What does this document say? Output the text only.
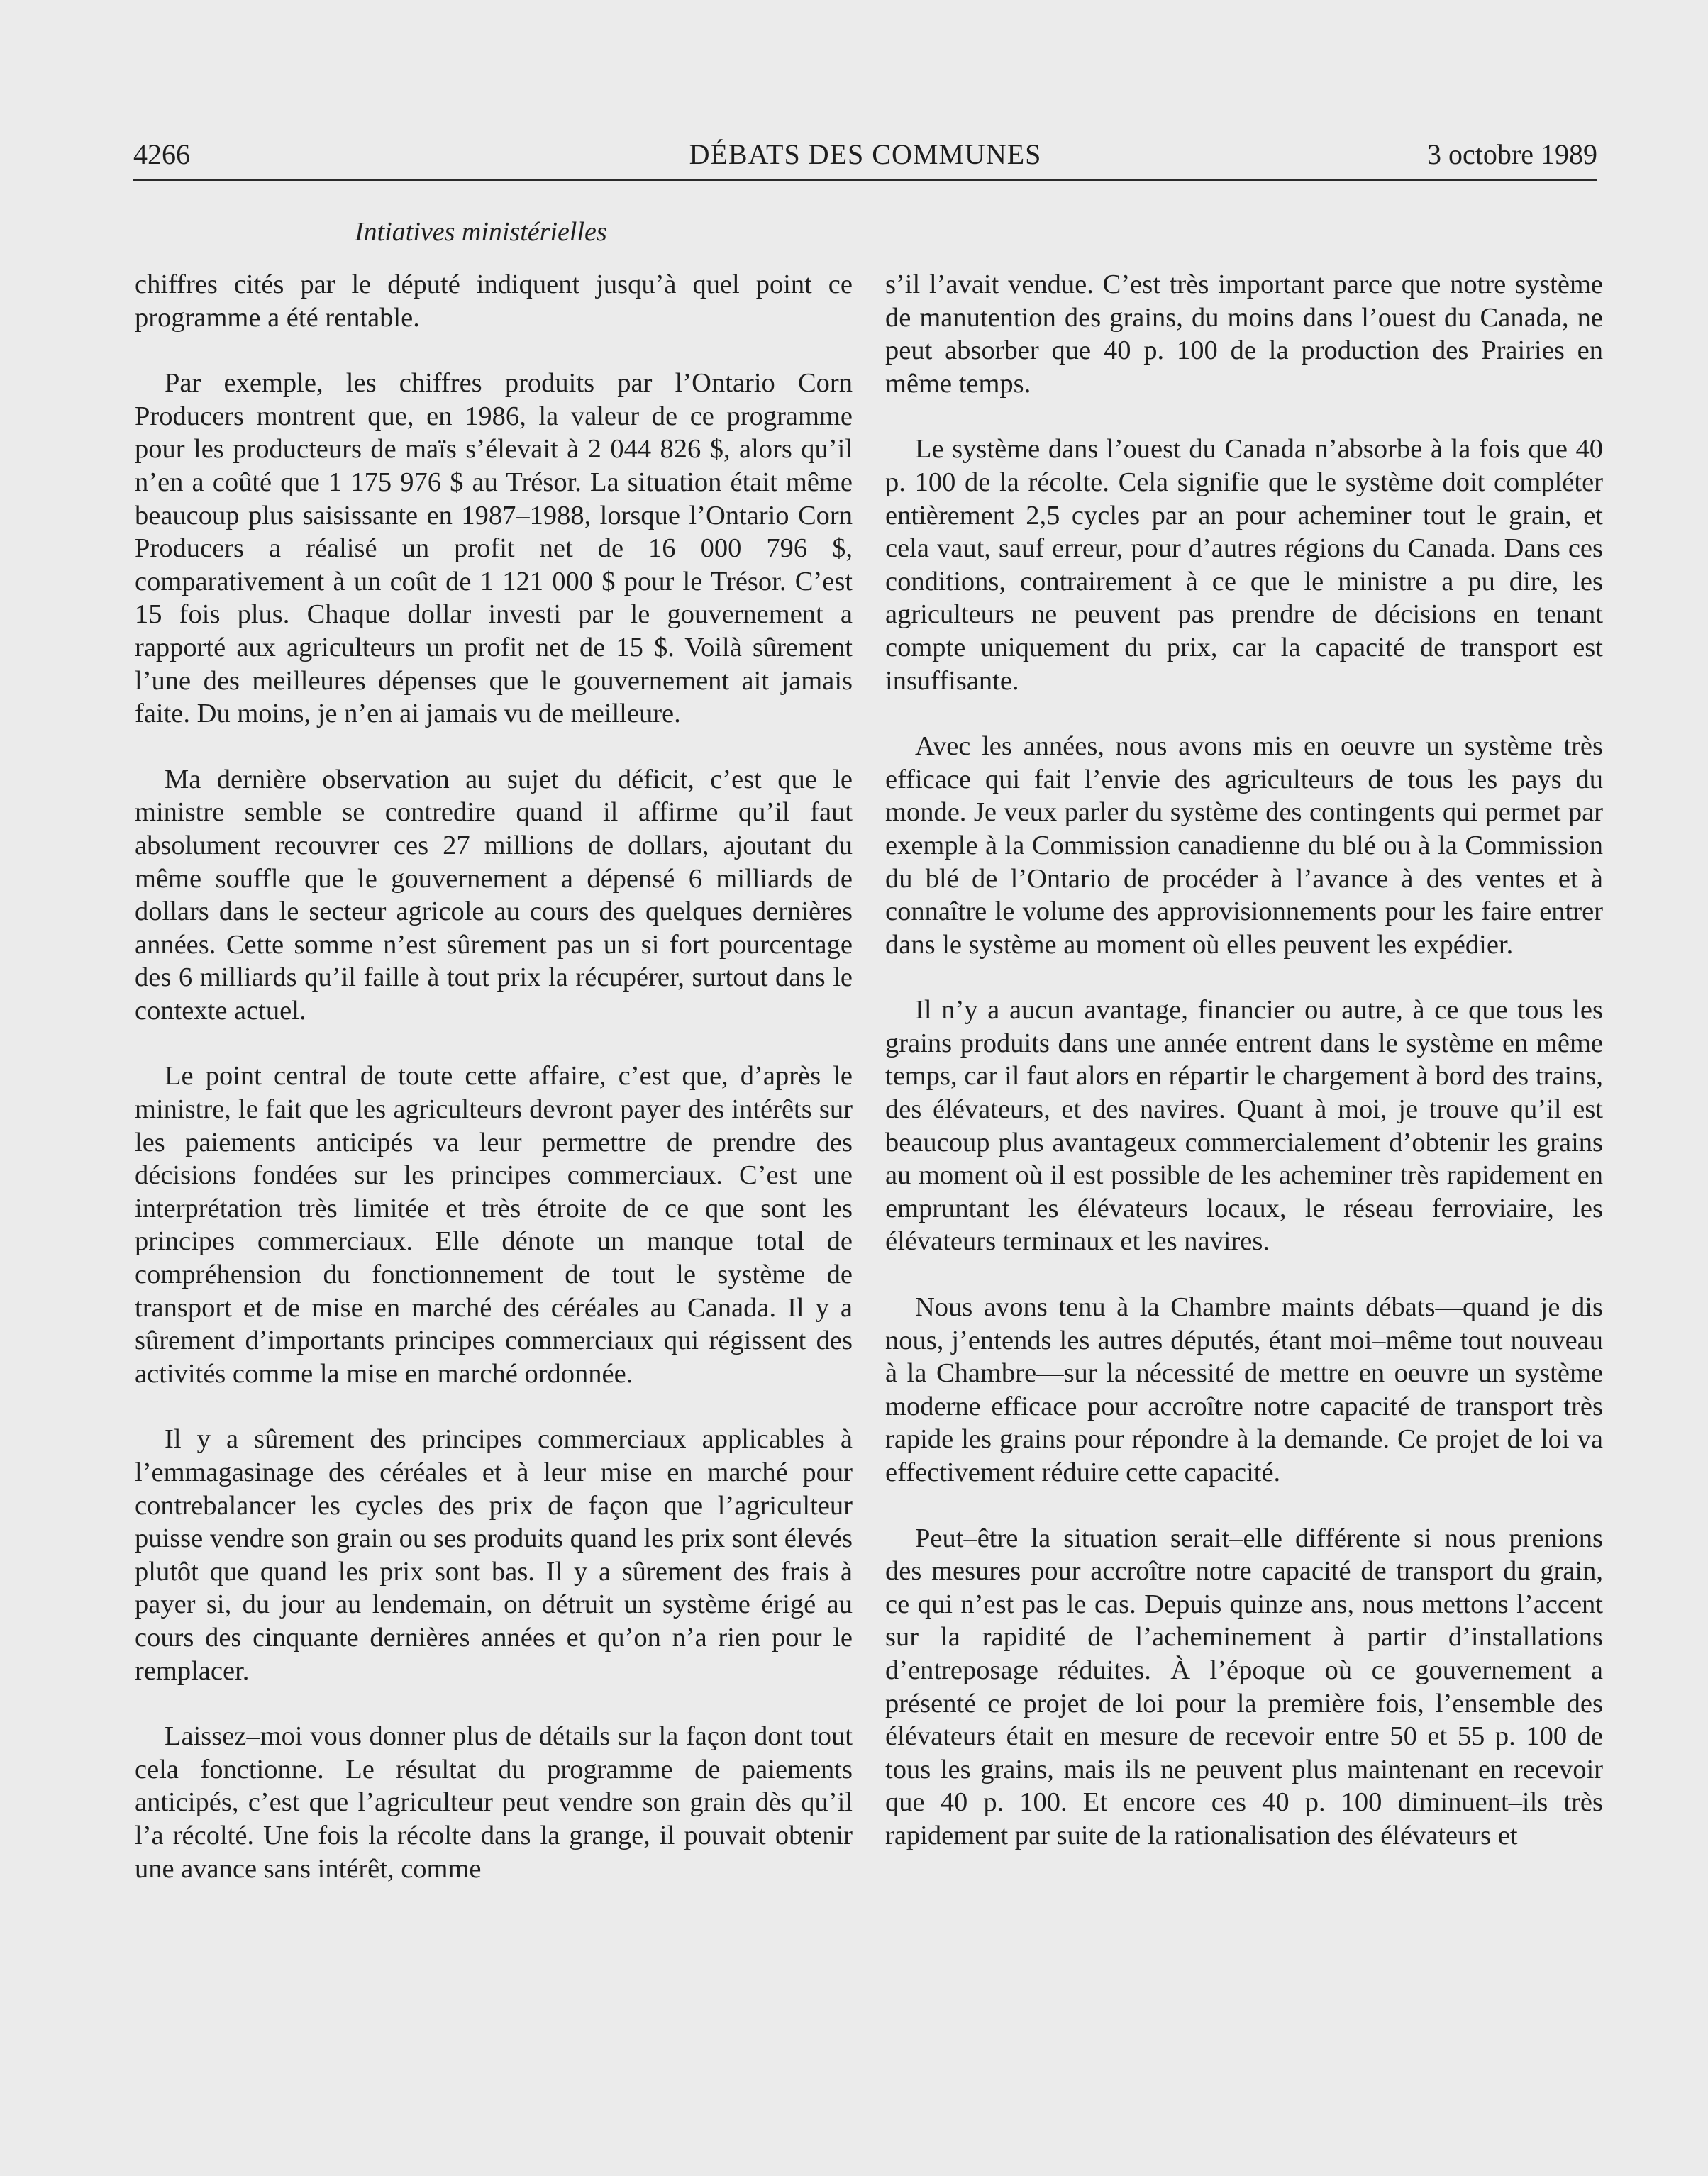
4266	DÉBATS DES COMMUNES	3 octobre 1989
Intiatives ministérielles

chiffres cités par le député indiquent jusqu’à quel point ce programme a été rentable.

Par exemple, les chiffres produits par l’Ontario Corn Producers montrent que, en 1986, la valeur de ce programme pour les producteurs de maïs s’élevait à 2 044 826 $, alors qu’il n’en a coûté que 1 175 976 $ au Trésor. La situation était même beaucoup plus saisissante en 1987–1988, lorsque l’Ontario Corn Producers a réalisé un profit net de 16 000 796 $, comparativement à un coût de 1 121 000 $ pour le Trésor. C’est 15 fois plus. Chaque dollar investi par le gouvernement a rapporté aux agriculteurs un profit net de 15 $. Voilà sûrement l’une des meilleures dépenses que le gouvernement ait jamais faite. Du moins, je n’en ai jamais vu de meilleure.

Ma dernière observation au sujet du déficit, c’est que le ministre semble se contredire quand il affirme qu’il faut absolument recouvrer ces 27 millions de dollars, ajoutant du même souffle que le gouvernement a dépensé 6 milliards de dollars dans le secteur agricole au cours des quelques dernières années. Cette somme n’est sûrement pas un si fort pourcentage des 6 milliards qu’il faille à tout prix la récupérer, surtout dans le contexte actuel.

Le point central de toute cette affaire, c’est que, d’après le ministre, le fait que les agriculteurs devront payer des intérêts sur les paiements anticipés va leur permettre de prendre des décisions fondées sur les principes commerciaux. C’est une interprétation très limitée et très étroite de ce que sont les principes commerciaux. Elle dénote un manque total de compréhension du fonctionnement de tout le système de transport et de mise en marché des céréales au Canada. Il y a sûrement d’importants principes commerciaux qui régissent des activités comme la mise en marché ordonnée.

Il y a sûrement des principes commerciaux applicables à l’emmagasinage des céréales et à leur mise en marché pour contrebalancer les cycles des prix de façon que l’agriculteur puisse vendre son grain ou ses produits quand les prix sont élevés plutôt que quand les prix sont bas. Il y a sûrement des frais à payer si, du jour au lendemain, on détruit un système érigé au cours des cinquante dernières années et qu’on n’a rien pour le remplacer.

Laissez–moi vous donner plus de détails sur la façon dont tout cela fonctionne. Le résultat du programme de paiements anticipés, c’est que l’agriculteur peut vendre son grain dès qu’il l’a récolté. Une fois la récolte dans la grange, il pouvait obtenir une avance sans intérêt, comme

s’il l’avait vendue. C’est très important parce que notre système de manutention des grains, du moins dans l’ouest du Canada, ne peut absorber que 40 p. 100 de la production des Prairies en même temps.

Le système dans l’ouest du Canada n’absorbe à la fois que 40 p. 100 de la récolte. Cela signifie que le système doit compléter entièrement 2,5 cycles par an pour acheminer tout le grain, et cela vaut, sauf erreur, pour d’autres régions du Canada. Dans ces conditions, contrairement à ce que le ministre a pu dire, les agriculteurs ne peuvent pas prendre de décisions en tenant compte uniquement du prix, car la capacité de transport est insuffisante.

Avec les années, nous avons mis en oeuvre un système très efficace qui fait l’envie des agriculteurs de tous les pays du monde. Je veux parler du système des contingents qui permet par exemple à la Commission canadienne du blé ou à la Commission du blé de l’Ontario de procéder à l’avance à des ventes et à connaître le volume des approvisionnements pour les faire entrer dans le système au moment où elles peuvent les expédier.

Il n’y a aucun avantage, financier ou autre, à ce que tous les grains produits dans une année entrent dans le système en même temps, car il faut alors en répartir le chargement à bord des trains, des élévateurs, et des navires. Quant à moi, je trouve qu’il est beaucoup plus avantageux commercialement d’obtenir les grains au moment où il est possible de les acheminer très rapidement en empruntant les élévateurs locaux, le réseau ferroviaire, les élévateurs terminaux et les navires.

Nous avons tenu à la Chambre maints débats—quand je dis nous, j’entends les autres députés, étant moi–même tout nouveau à la Chambre—sur la nécessité de mettre en oeuvre un système moderne efficace pour accroître notre capacité de transport très rapide les grains pour répondre à la demande. Ce projet de loi va effectivement réduire cette capacité.

Peut–être la situation serait–elle différente si nous prenions des mesures pour accroître notre capacité de transport du grain, ce qui n’est pas le cas. Depuis quinze ans, nous mettons l’accent sur la rapidité de l’acheminement à partir d’installations d’entreposage réduites. À l’époque où ce gouvernement a présenté ce projet de loi pour la première fois, l’ensemble des élévateurs était en mesure de recevoir entre 50 et 55 p. 100 de tous les grains, mais ils ne peuvent plus maintenant en recevoir que 40 p. 100. Et encore ces 40 p. 100 diminuent–ils très rapidement par suite de la rationalisation des élévateurs et
